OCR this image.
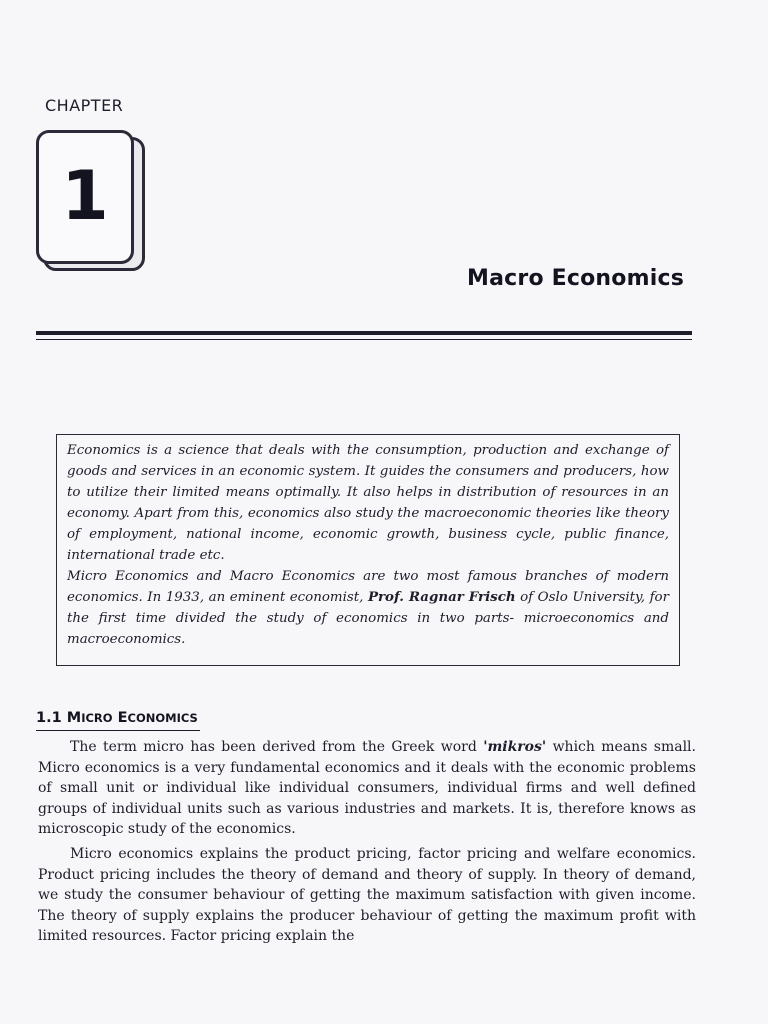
CHAPTER
1
Macro Economics

Economics is a science that deals with the consumption, production and exchange of goods and services in an economic system. It guides the consumers and producers, how to utilize their limited means optimally. It also helps in distribution of resources in an economy. Apart from this, economics also study the macroeconomic theories like theory of employment, national income, economic growth, business cycle, public finance, international trade etc.

Micro Economics and Macro Economics are two most famous branches of modern economics. In 1933, an eminent economist, Prof. Ragnar Frisch of Oslo University, for the first time divided the study of economics in two parts- microeconomics and macroeconomics.

1.1 MICRO ECONOMICS

The term micro has been derived from the Greek word 'mikros' which means small. Micro economics is a very fundamental economics and it deals with the economic problems of small unit or individual like individual consumers, individual firms and well defined groups of individual units such as various industries and markets. It is, therefore knows as microscopic study of the economics.

Micro economics explains the product pricing, factor pricing and welfare economics. Product pricing includes the theory of demand and theory of supply. In theory of demand, we study the consumer behaviour of getting the maximum satisfaction with given income. The theory of supply explains the producer behaviour of getting the maximum profit with limited resources. Factor pricing explain the
